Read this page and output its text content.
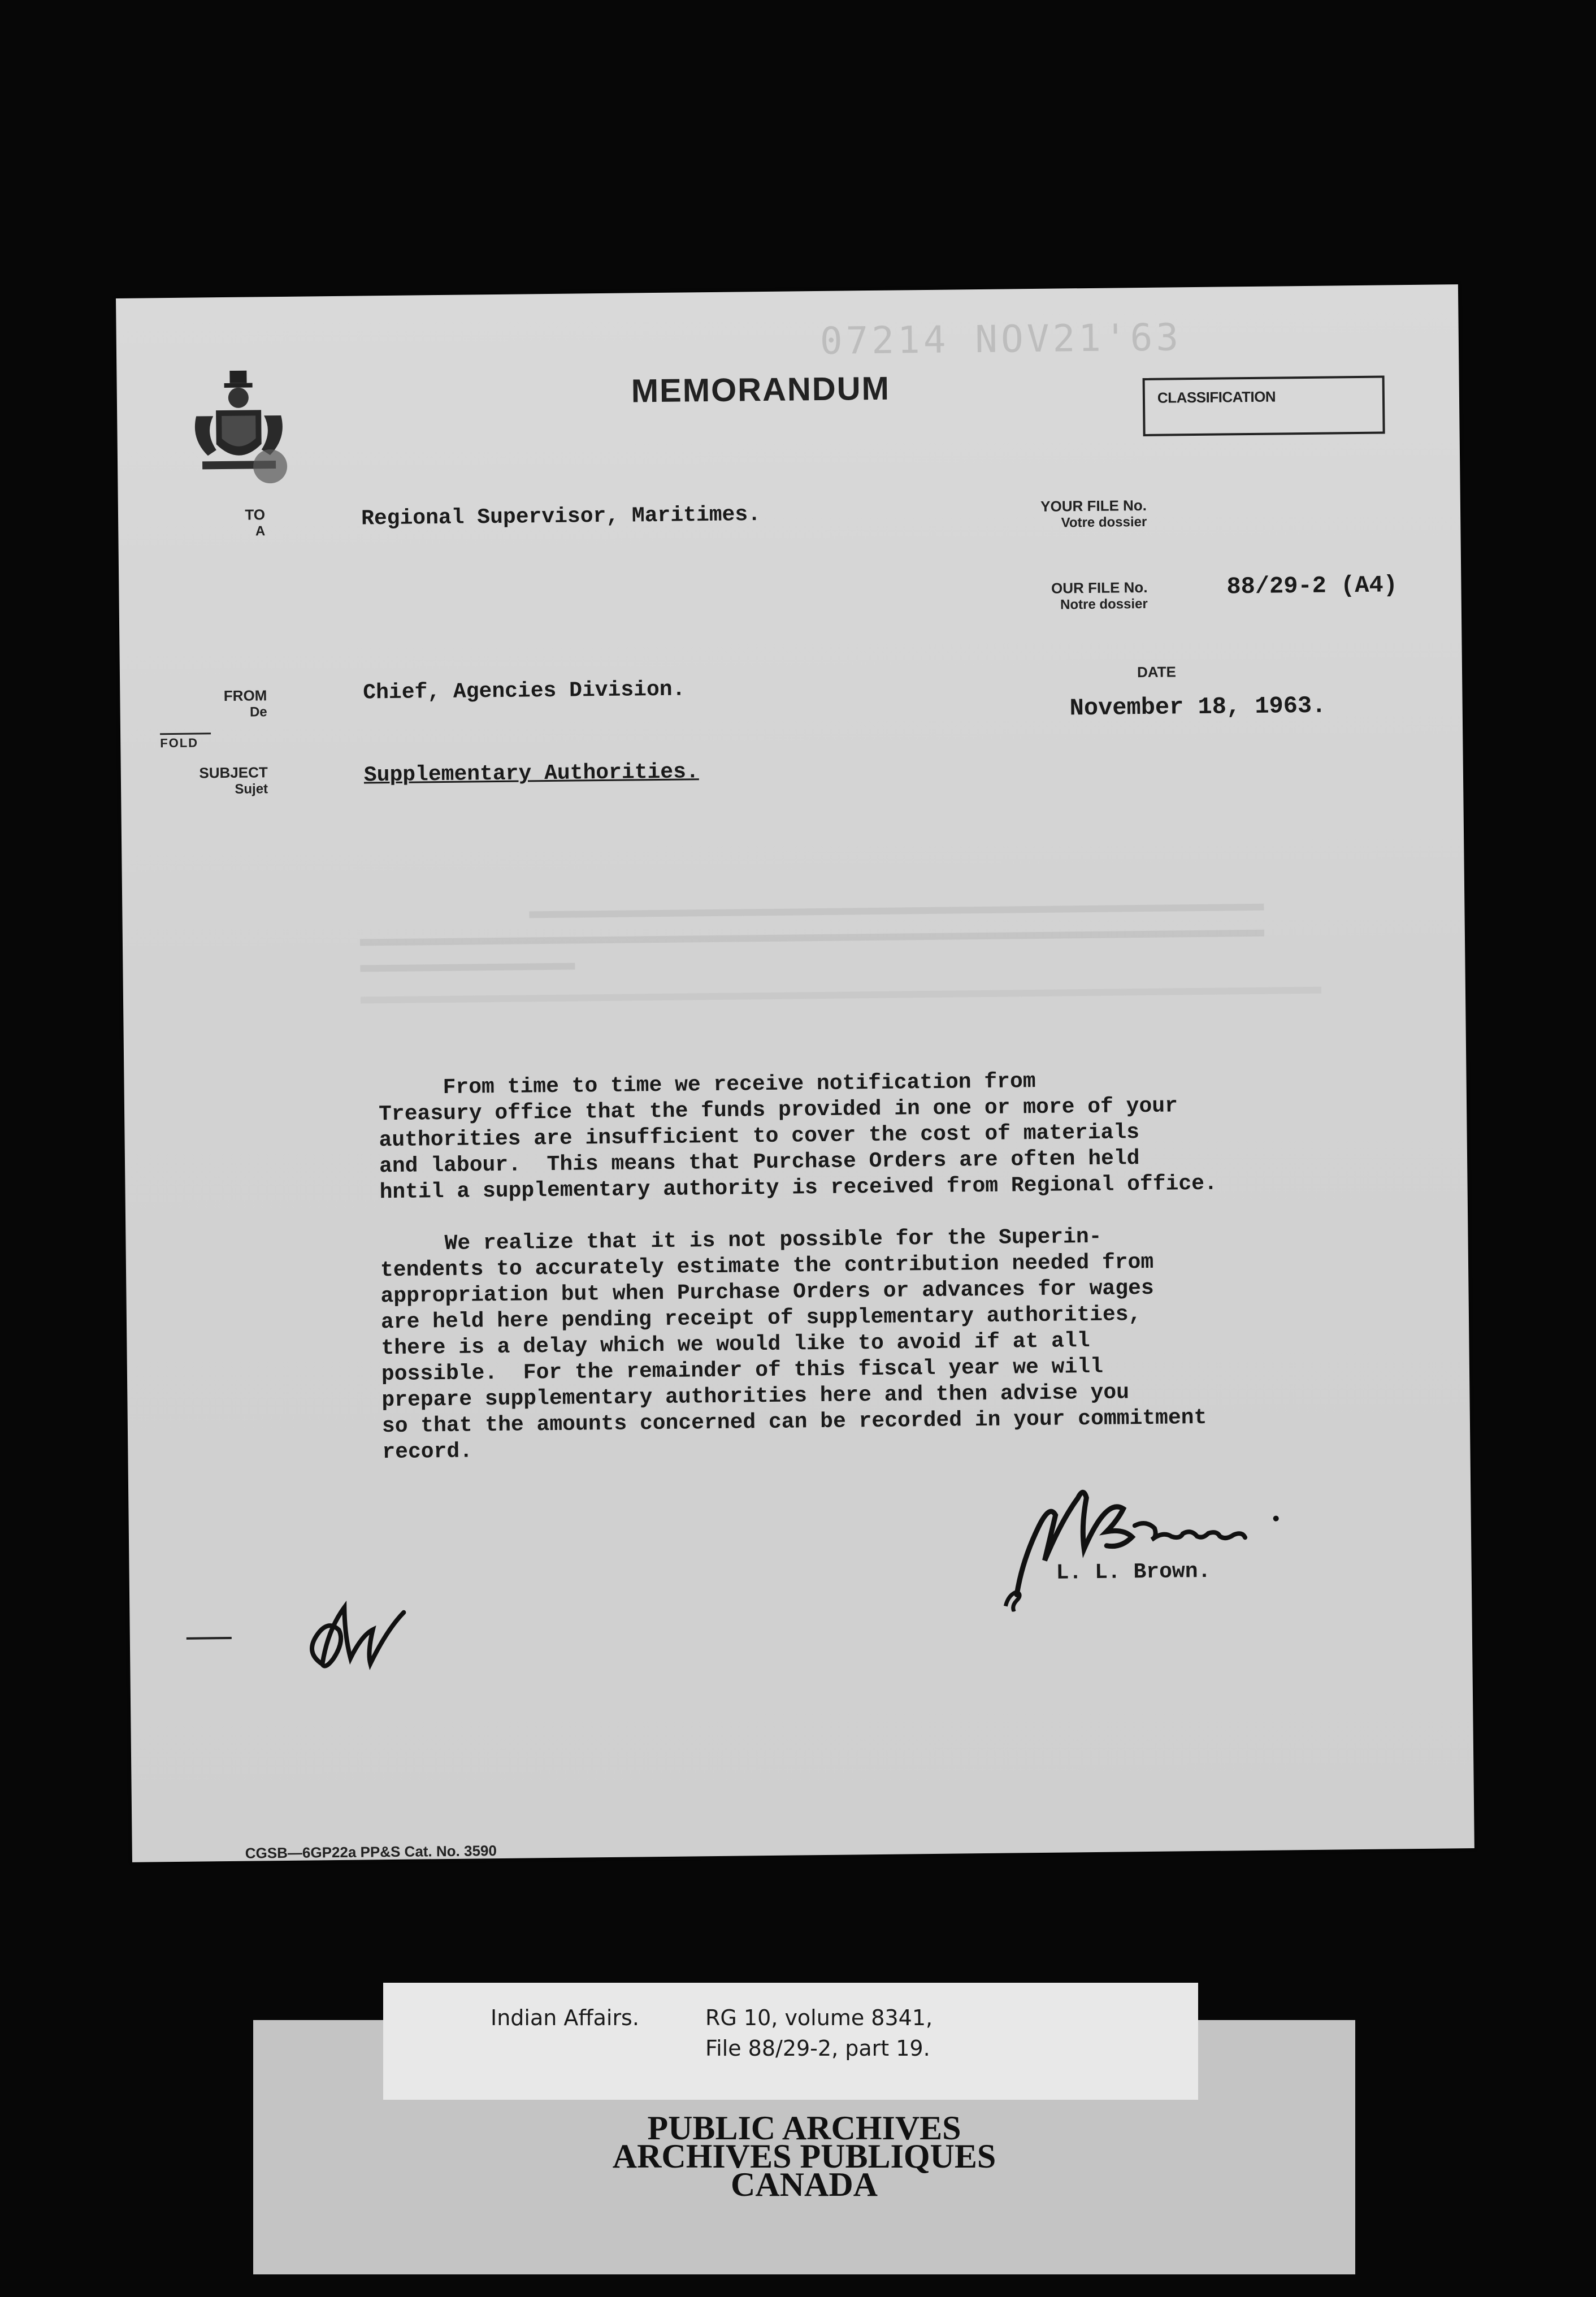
07214 NOV21'63
MEMORANDUM	CLASSIFICATION
TO
A
Regional Supervisor, Maritimes.	YOUR FILE No.
Votre dossier
OUR FILE No.
Notre dossier
88/29-2 (A4)
FROM
De
Chief, Agencies Division.
DATE
November 18, 1963.
FOLD
SUBJECT
Sujet
Supplementary Authorities.

From time to time we receive notification from
Treasury office that the funds provided in one or more of your
authorities are insufficient to cover the cost of materials
and labour.  This means that Purchase Orders are often held
hntil a supplementary authority is received from Regional office.

We realize that it is not possible for the Superin-
tendents to accurately estimate the contribution needed from
appropriation but when Purchase Orders or advances for wages
are held here pending receipt of supplementary authorities,
there is a delay which we would like to avoid if at all
possible.  For the remainder of this fiscal year we will
prepare supplementary authorities here and then advise you
so that the amounts concerned can be recorded in your commitment
record.

L. L. Brown.
CGSB—6GP22a PP&S Cat. No. 3590
PUBLIC ARCHIVES
ARCHIVES PUBLIQUES
CANADA
Indian Affairs.	RG 10, volume 8341,
File 88/29-2, part 19.
